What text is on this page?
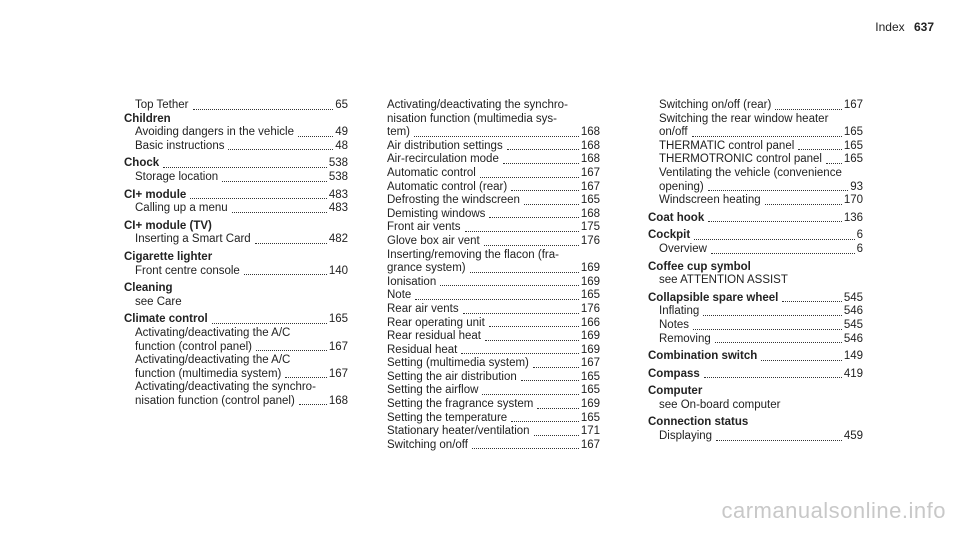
Index 637
Top Tether	65
Children
Avoiding dangers in the vehicle	49
Basic instructions	48
Chock	538
Storage location	538
CI+ module	483
Calling up a menu	483
CI+ module (TV)
Inserting a Smart Card	482
Cigarette lighter
Front centre console	140
Cleaning
see Care
Climate control	165
Activating/deactivating the A/C
function (control panel)	167
Activating/deactivating the A/C
function (multimedia system)	167
Activating/deactivating the synchro-
nisation function (control panel)	168
Activating/deactivating the synchro-
nisation function (multimedia sys-
tem)	168
Air distribution settings	168
Air-recirculation mode	168
Automatic control	167
Automatic control (rear)	167
Defrosting the windscreen	165
Demisting windows	168
Front air vents	175
Glove box air vent	176
Inserting/removing the flacon (fra-
grance system)	169
Ionisation	169
Note	165
Rear air vents	176
Rear operating unit	166
Rear residual heat	169
Residual heat	169
Setting (multimedia system)	167
Setting the air distribution	165
Setting the airflow	165
Setting the fragrance system	169
Setting the temperature	165
Stationary heater/ventilation	171
Switching on/off	167
Switching on/off (rear)	167
Switching the rear window heater
on/off	165
THERMATIC control panel	165
THERMOTRONIC control panel 165
Ventilating the vehicle (convenience
opening)	93
Windscreen heating	170
Coat hook	136
Cockpit	6
Overview	6
Coffee cup symbol
see ATTENTION ASSIST
Collapsible spare wheel	545
Inflating	546
Notes	545
Removing	546
Combination switch	149
Compass	419
Computer
see On-board computer
Connection status
Displaying	459
carmanualsonline.info
